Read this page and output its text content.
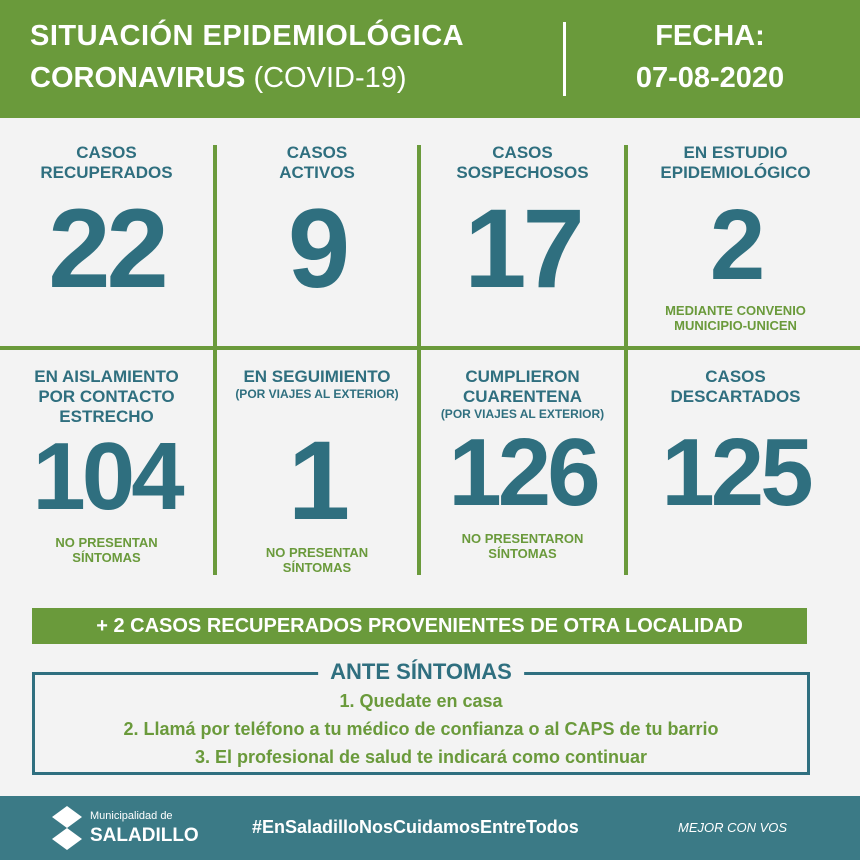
SITUACIÓN EPIDEMIOLÓGICA
CORONAVIRUS (COVID-19)
FECHA:
07-08-2020
CASOS
RECUPERADOS
22
CASOS
ACTIVOS
9
CASOS
SOSPECHOSOS
17
EN ESTUDIO
EPIDEMIOLÓGICO
2
MEDIANTE CONVENIO
MUNICIPIO-UNICEN
EN AISLAMIENTO
POR CONTACTO
ESTRECHO
104
NO PRESENTAN
SÍNTOMAS
EN SEGUIMIENTO
(POR VIAJES AL EXTERIOR)
1
NO PRESENTAN
SÍNTOMAS
CUMPLIERON
CUARENTENA
(POR VIAJES AL EXTERIOR)
126
NO PRESENTARON
SÍNTOMAS
CASOS
DESCARTADOS
125
+ 2 CASOS RECUPERADOS PROVENIENTES DE OTRA LOCALIDAD
ANTE SÍNTOMAS
1. Quedate en casa
2. Llamá por teléfono a tu médico de confianza o al CAPS de tu barrio
3. El profesional de salud te indicará como continuar
Municipalidad de
SALADILLO	#EnSaladilloNosCuidamosEntreTodos	MEJOR CON VOS
